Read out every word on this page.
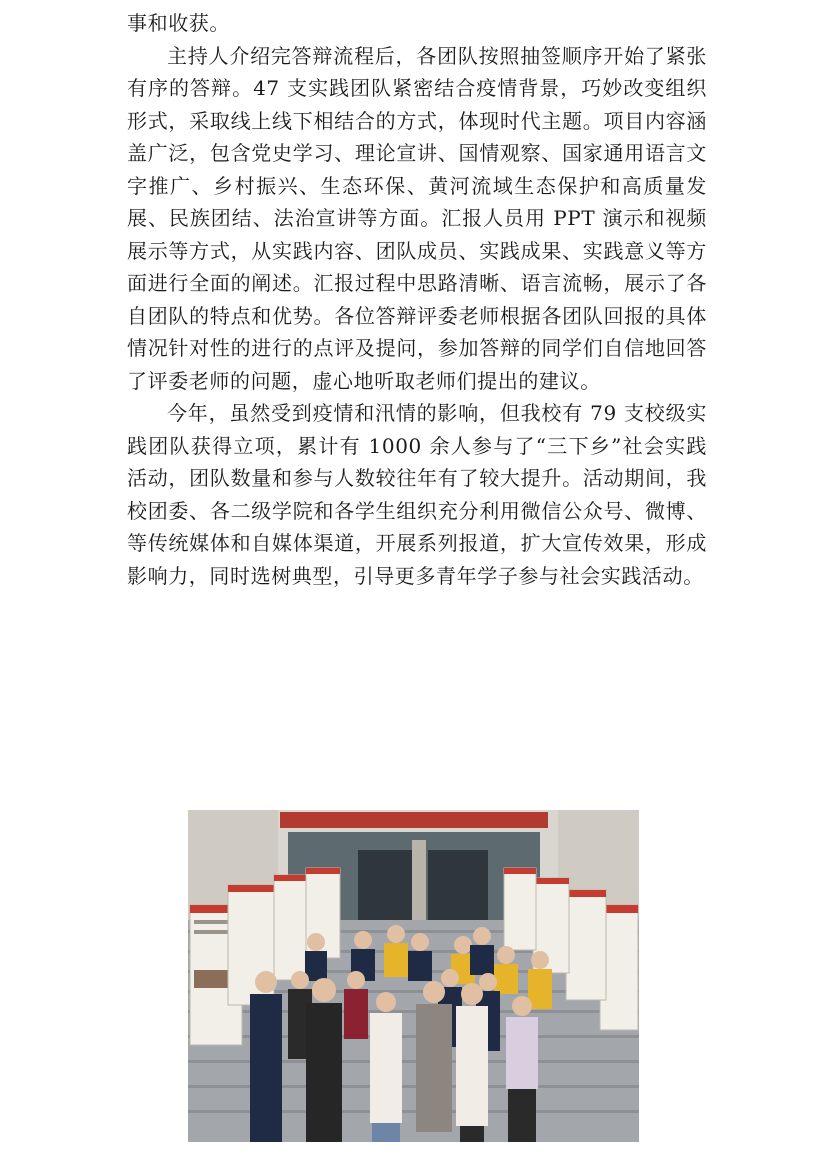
事和收获。

主持人介绍完答辩流程后，各团队按照抽签顺序开始了紧张有序的答辩。47 支实践团队紧密结合疫情背景，巧妙改变组织形式，采取线上线下相结合的方式，体现时代主题。项目内容涵盖广泛，包含党史学习、理论宣讲、国情观察、国家通用语言文字推广、乡村振兴、生态环保、黄河流域生态保护和高质量发展、民族团结、法治宣讲等方面。汇报人员用 PPT 演示和视频展示等方式，从实践内容、团队成员、实践成果、实践意义等方面进行全面的阐述。汇报过程中思路清晰、语言流畅，展示了各自团队的特点和优势。各位答辩评委老师根据各团队回报的具体情况针对性的进行的点评及提问，参加答辩的同学们自信地回答了评委老师的问题，虚心地听取老师们提出的建议。

今年，虽然受到疫情和汛情的影响，但我校有 79 支校级实践团队获得立项，累计有 1000 余人参与了“三下乡”社会实践活动，团队数量和参与人数较往年有了较大提升。活动期间，我校团委、各二级学院和各学生组织充分利用微信公众号、微博、等传统媒体和自媒体渠道，开展系列报道，扩大宣传效果，形成影响力，同时选树典型，引导更多青年学子参与社会实践活动。
